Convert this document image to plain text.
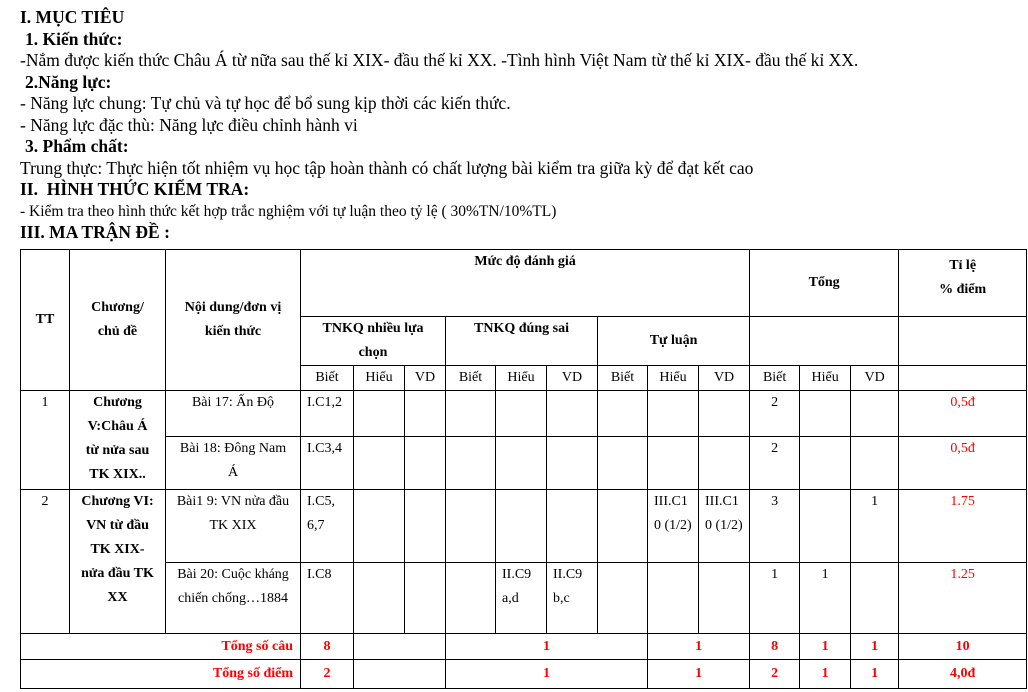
I. MỤC TIÊU
1. Kiến thức:
-Nắm được kiến thức Châu Á từ nữa sau thế kỉ XIX- đầu thế kỉ XX. -Tình hình Việt Nam từ thế kỉ XIX- đầu thế kỉ XX.
2.Năng lực:
- Năng lực chung: Tự chủ và tự học để bổ sung kịp thời các kiến thức.
- Năng lực đặc thù: Năng lực điều chỉnh hành vi
3. Phẩm chất:
Trung thực: Thực hiện tốt nhiệm vụ học tập hoàn thành có chất lượng bài kiểm tra giữa kỳ để đạt kết cao
II.  HÌNH THỨC KIỂM TRA:
- Kiểm tra theo hình thức kết hợp trắc nghiệm với tự luận theo tỷ lệ ( 30%TN/10%TL)
III. MA TRẬN ĐỀ :
TT	Chương/ chủ đề	Nội dung/đơn vị kiến thức	Mức độ đánh giá									Tổng			Tỉ lệ
% điểm
			TNKQ nhiều lựa chọn			TNKQ đúng sai			Tự luận						
			Biết	Hiểu	VD	Biết	Hiểu	VD	Biết	Hiểu	VD	Biết	Hiểu	VD	
1	Chương V:Châu Á từ nửa sau TK XIX..	Bài 17: Ấn Độ	I.C1,2									2			0,5đ
		Bài 18: Đông Nam Á	I.C3,4									2			0,5đ
2	Chương VI: VN từ đầu TK XIX- nửa đầu TK XX	Bài1 9: VN nửa đầu TK XIX	I.C5, 6,7							III.C10 (1/2)	III.C10 (1/2)	3		1	1.75
		Bài 20: Cuộc kháng chiến chống…1884	I.C8				II.C9 a,d	II.C9 b,c				1	1		1.25
Tổng số câu			8			1				1		8	1	1	10
Tổng số điểm			2			1				1		2	1	1	4,0đ
